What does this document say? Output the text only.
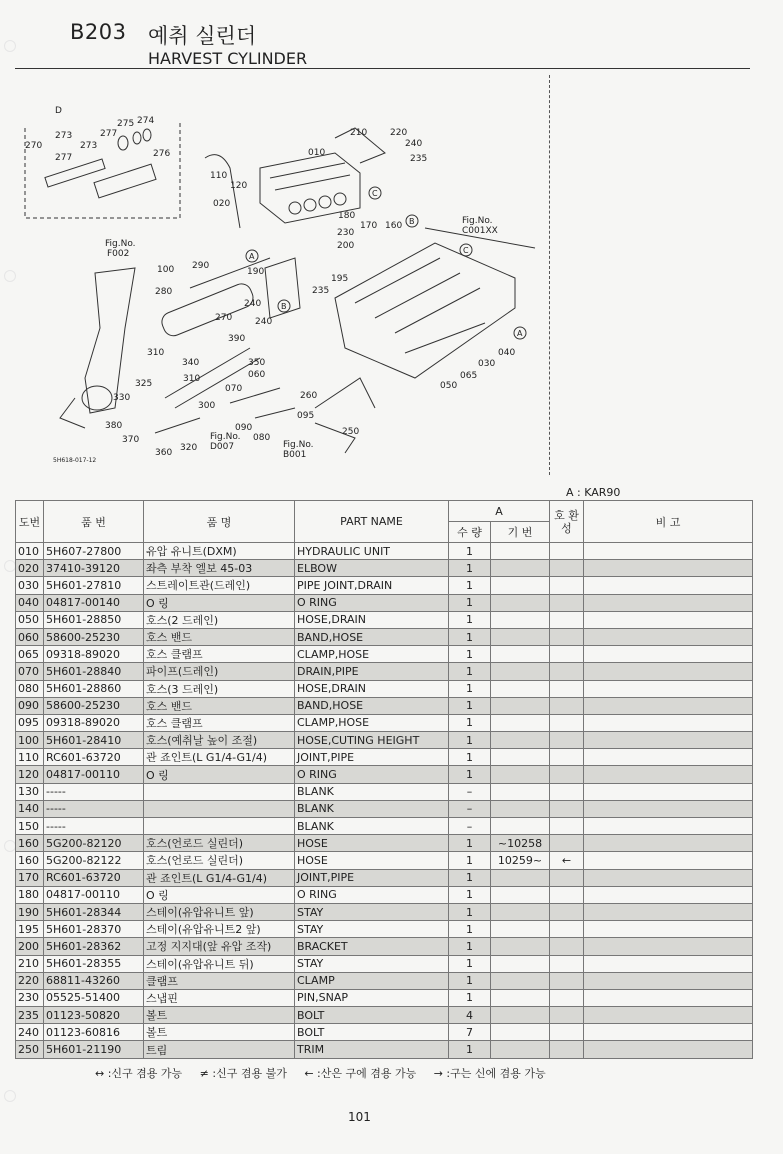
B203 예취 실린더
HARVEST CYLINDER
D
270
273
277
273
277
275 274
276
210	220
240
235
010
110
120
020
180
170 160
230
200
Fig.No.
F002
Fig.No.
C001XX
100 290
190
195
280	235
240
270	240
310
390
350
340
060
310
325
330
300
070
260
380
370
360 320
090
080
095
250
Fig.No.
D007	Fig.No.
B001
040
030
065
050
5H618-017-12
A
B
C
B
C
A
A : KAR90
도번	품 번	품 명	PART NAME	A		호 환 성	비 고
				수 량	기 번		
010	5H607-27800	유압 유니트(DXM)	HYDRAULIC UNIT	1			
020	37410-39120	좌측 부착 엘보 45-03	ELBOW	1			
030	5H601-27810	스트레이트관(드레인)	PIPE JOINT,DRAIN	1			
040	04817-00140	O 링	O RING	1			
050	5H601-28850	호스(2 드레인)	HOSE,DRAIN	1			
060	58600-25230	호스 밴드	BAND,HOSE	1			
065	09318-89020	호스 클램프	CLAMP,HOSE	1			
070	5H601-28840	파이프(드레인)	DRAIN,PIPE	1			
080	5H601-28860	호스(3 드레인)	HOSE,DRAIN	1			
090	58600-25230	호스 밴드	BAND,HOSE	1			
095	09318-89020	호스 클램프	CLAMP,HOSE	1			
100	5H601-28410	호스(예취날 높이 조절)	HOSE,CUTING HEIGHT	1			
110	RC601-63720	관 죠인트(L G1/4-G1/4)	JOINT,PIPE	1			
120	04817-00110	O 링	O RING	1			
130	-----		BLANK	–			
140	-----		BLANK	–			
150	-----		BLANK	–			
160	5G200-82120	호스(언로드 실린더)	HOSE	1	~10258		
160	5G200-82122	호스(언로드 실린더)	HOSE	1	10259~	←	
170	RC601-63720	관 죠인트(L G1/4-G1/4)	JOINT,PIPE	1			
180	04817-00110	O 링	O RING	1			
190	5H601-28344	스테이(유압유니트 앞)	STAY	1			
195	5H601-28370	스테이(유압유니트2 앞)	STAY	1			
200	5H601-28362	고정 지지대(앞 유압 조작)	BRACKET	1			
210	5H601-28355	스테이(유압유니트 뒤)	STAY	1			
220	68811-43260	클램프	CLAMP	1			
230	05525-51400	스냅핀	PIN,SNAP	1			
235	01123-50820	볼트	BOLT	4			
240	01123-60816	볼트	BOLT	7			
250	5H601-21190	트림	TRIM	1			
↔ :신구 겸용 가능 ≠ :신구 겸용 불가 ← :산은 구에 겸용 가능 → :구는 신에 겸용 가능
101
